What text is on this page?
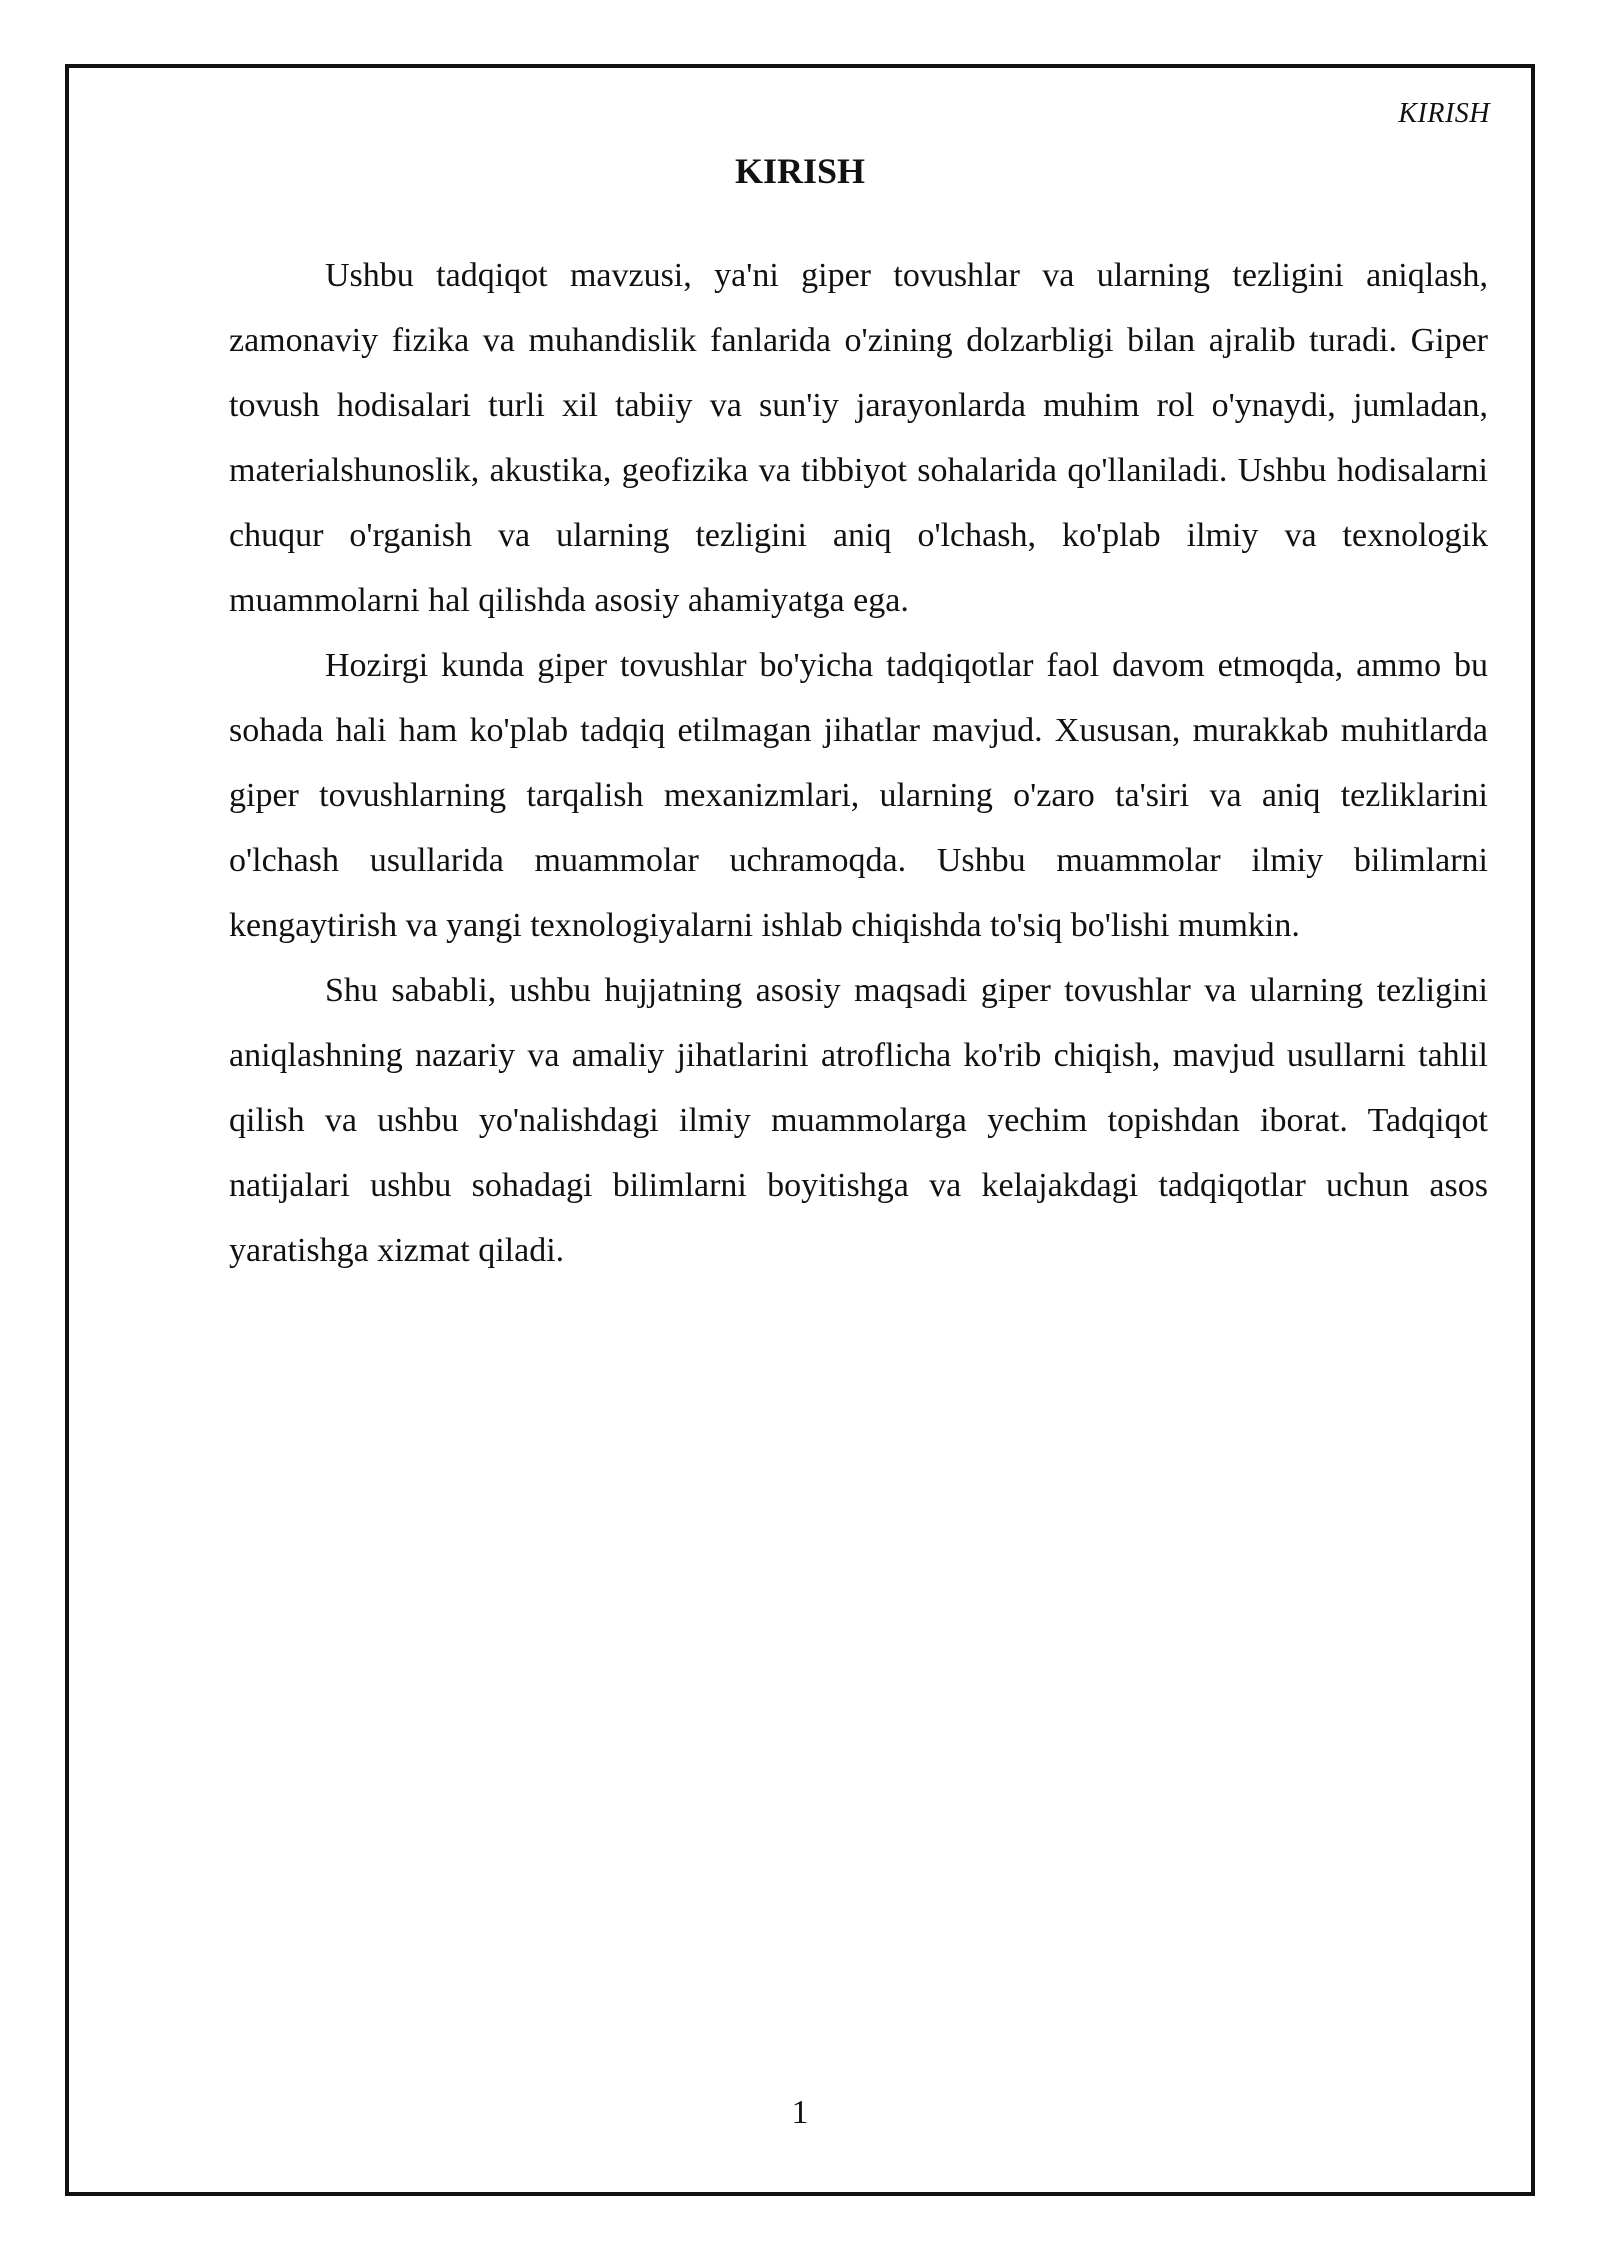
KIRISH
KIRISH

Ushbu tadqiqot mavzusi, ya'ni giper tovushlar va ularning tezligini aniqlash, zamonaviy fizika va muhandislik fanlarida o'zining dolzarbligi bilan ajralib turadi. Giper tovush hodisalari turli xil tabiiy va sun'iy jarayonlarda muhim rol o'ynaydi, jumladan, materialshunoslik, akustika, geofizika va tibbiyot sohalarida qo'llaniladi. Ushbu hodisalarni chuqur o'rganish va ularning tezligini aniq o'lchash, ko'plab ilmiy va texnologik muammolarni hal qilishda asosiy ahamiyatga ega.

Hozirgi kunda giper tovushlar bo'yicha tadqiqotlar faol davom etmoqda, ammo bu sohada hali ham ko'plab tadqiq etilmagan jihatlar mavjud. Xususan, murakkab muhitlarda giper tovushlarning tarqalish mexanizmlari, ularning o'zaro ta'siri va aniq tezliklarini o'lchash usullarida muammolar uchramoqda. Ushbu muammolar ilmiy bilimlarni kengaytirish va yangi texnologiyalarni ishlab chiqishda to'siq bo'lishi mumkin.

Shu sababli, ushbu hujjatning asosiy maqsadi giper tovushlar va ularning tezligini aniqlashning nazariy va amaliy jihatlarini atroflicha ko'rib chiqish, mavjud usullarni tahlil qilish va ushbu yo'nalishdagi ilmiy muammolarga yechim topishdan iborat. Tadqiqot natijalari ushbu sohadagi bilimlarni boyitishga va kelajakdagi tadqiqotlar uchun asos yaratishga xizmat qiladi.

1
